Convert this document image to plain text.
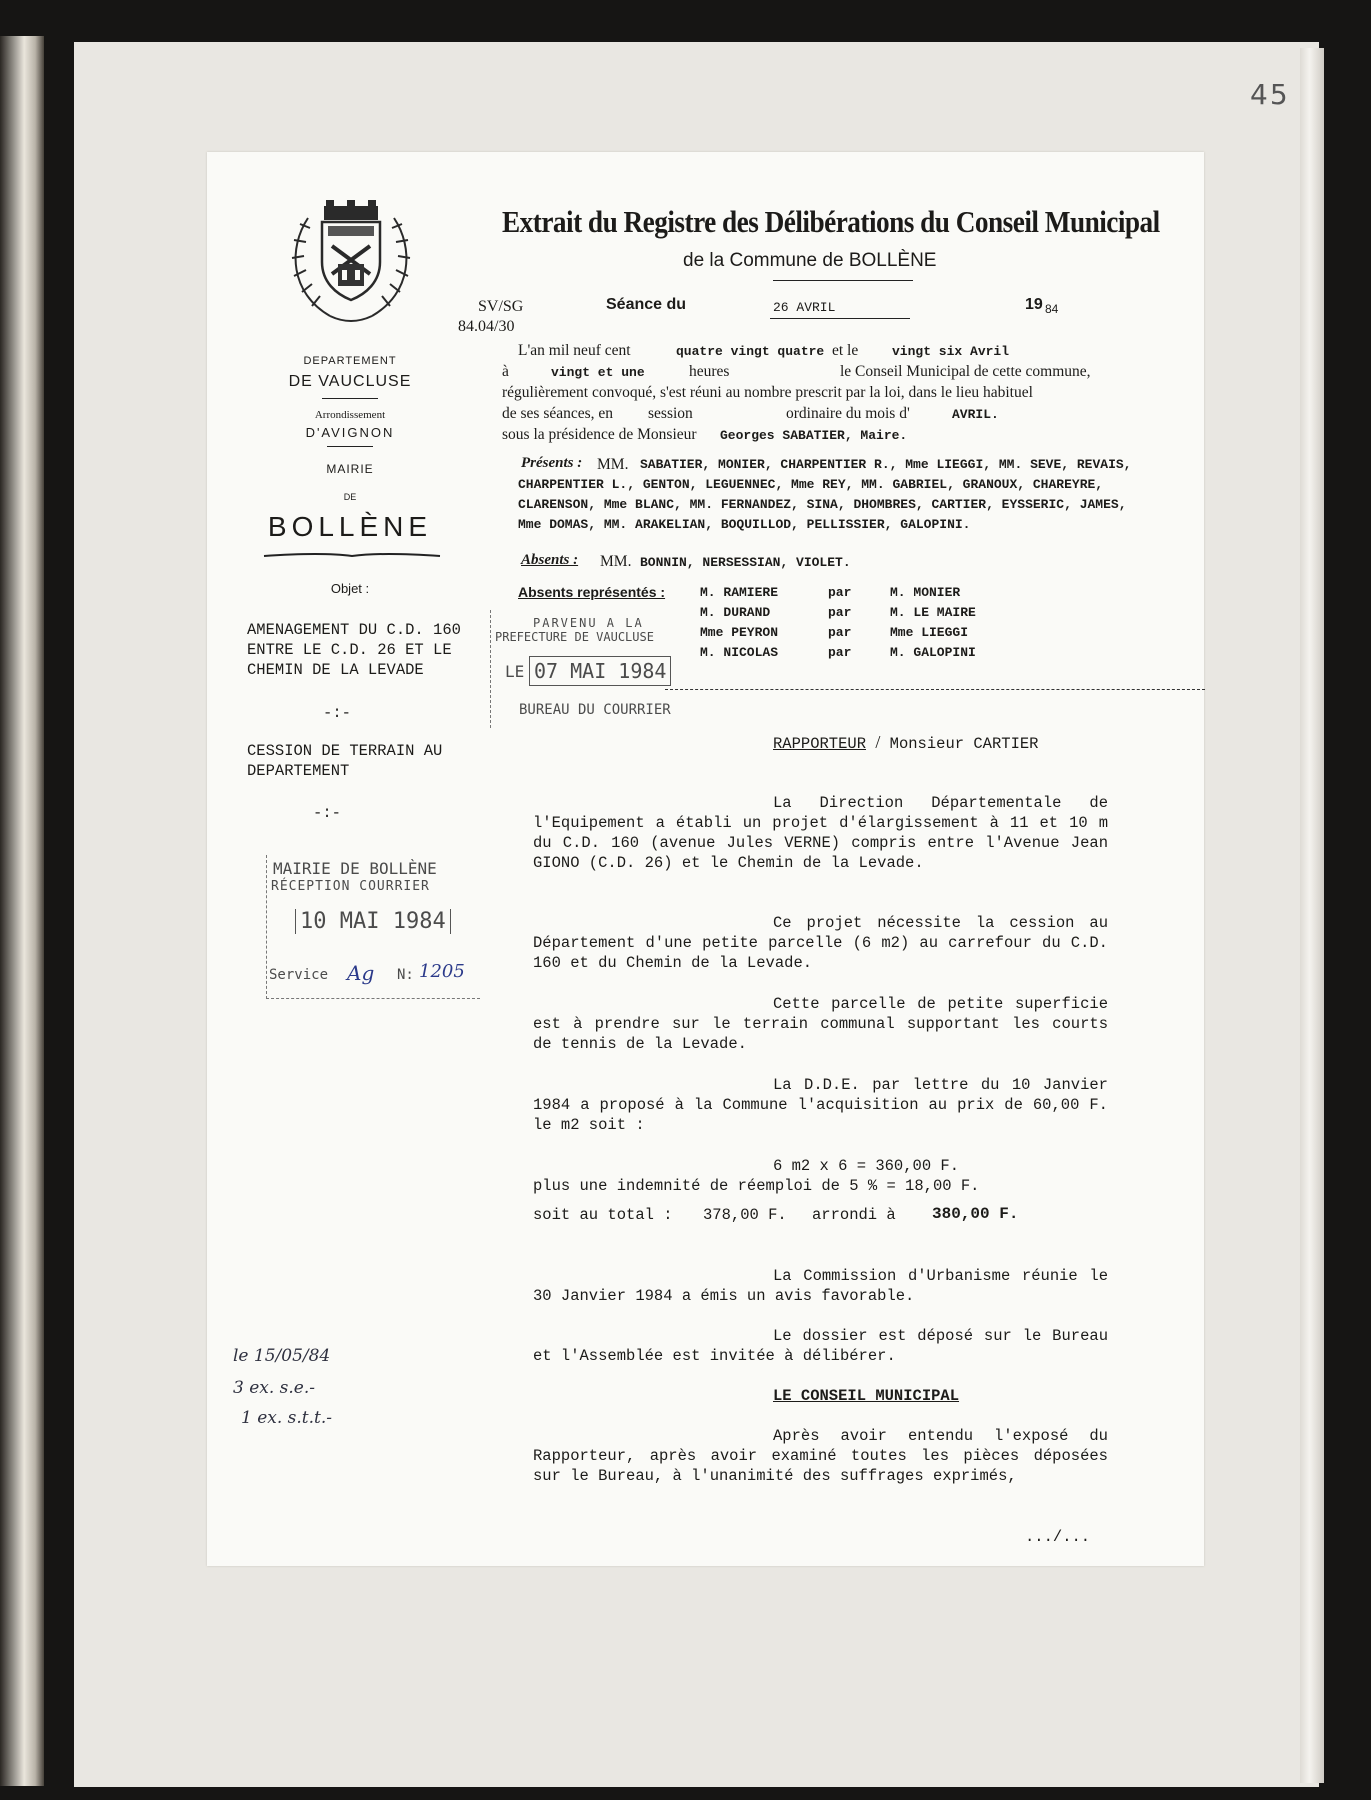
45
DEPARTEMENT
DE VAUCLUSE
Arrondissement
D'AVIGNON
MAIRIE
DE
BOLLÈNE
Objet :
AMENAGEMENT DU C.D. 160 ENTRE LE C.D. 26 ET LE CHEMIN DE LA LEVADE
-:-
CESSION DE TERRAIN AU DEPARTEMENT
-:-
MAIRIE DE BOLLÈNE
RÉCEPTION COURRIER
10 MAI 1984
Service Ag N: 1205
le 15/05/84
3 ex. s.e.-
1 ex. s.t.t.-
Extrait du Registre des Délibérations du Conseil Municipal
de la Commune de BOLLÈNE
SV/SG
84.04/30
Séance du	26 AVRIL	19 84
L'an mil neuf cent	quatre vingt quatre et le	vingt six Avril
à	vingt et une	heures	le Conseil Municipal de cette commune,
régulièrement convoqué, s'est réuni au nombre prescrit par la loi, dans le lieu habituel
de ses séances, en session	ordinaire du mois d'	AVRIL.
sous la présidence de Monsieur Georges SABATIER, Maire.
Présents : MM. SABATIER, MONIER, CHARPENTIER R., Mme LIEGGI, MM. SEVE, REVAIS,
CHARPENTIER L., GENTON, LEGUENNEC, Mme REY, MM. GABRIEL, GRANOUX, CHAREYRE,
CLARENSON, Mme BLANC, MM. FERNANDEZ, SINA, DHOMBRES, CARTIER, EYSSERIC, JAMES,
Mme DOMAS, MM. ARAKELIAN, BOQUILLOD, PELLISSIER, GALOPINI.
Absents : MM. BONNIN, NERSESSIAN, VIOLET.
Absents représentés :	M. RAMIERE	par	M. MONIER
M. DURAND	par	M. LE MAIRE
Mme PEYRON	par	Mme LIEGGI
M. NICOLAS	par	M. GALOPINI
PARVENU A LA
PREFECTURE DE VAUCLUSE
LE 07 MAI 1984
BUREAU DU COURRIER
RAPPORTEUR / Monsieur CARTIER
La Direction Départementale de l'Equipement a établi un projet d'élargissement à 11 et 10 m du C.D. 160 (avenue Jules VERNE) compris entre l'Avenue Jean GIONO (C.D. 26) et le Chemin de la Levade.
Ce projet nécessite la cession au Département d'une petite parcelle (6 m2) au carrefour du C.D. 160 et du Chemin de la Levade.
Cette parcelle de petite superficie est à prendre sur le terrain communal supportant les courts de tennis de la Levade.
La D.D.E. par lettre du 10 Janvier 1984 a proposé à la Commune l'acquisition au prix de 60,00 F. le m2 soit :
6 m2 x 6 = 360,00 F.
plus une indemnité de réemploi de 5 % = 18,00 F.
soit au total : 378,00 F. arrondi à 380,00 F.
La Commission d'Urbanisme réunie le 30 Janvier 1984 a émis un avis favorable.
Le dossier est déposé sur le Bureau et l'Assemblée est invitée à délibérer.
LE CONSEIL MUNICIPAL
Après avoir entendu l'exposé du Rapporteur, après avoir examiné toutes les pièces déposées sur le Bureau, à l'unanimité des suffrages exprimés,
.../...
